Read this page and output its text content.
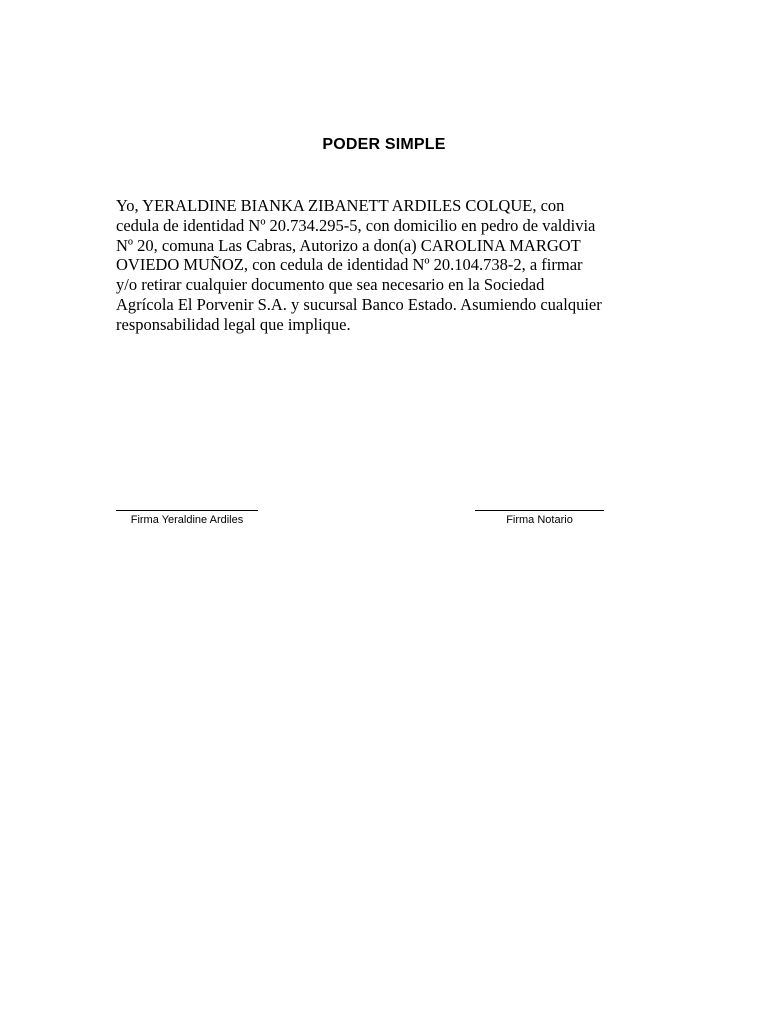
PODER SIMPLE
Yo, YERALDINE BIANKA ZIBANETT ARDILES COLQUE, con
cedula de identidad Nº 20.734.295-5, con domicilio en pedro de valdivia
Nº 20, comuna Las Cabras, Autorizo a don(a) CAROLINA MARGOT
OVIEDO MUÑOZ, con cedula de identidad Nº 20.104.738-2, a firmar
y/o retirar cualquier documento que sea necesario en la Sociedad
Agrícola El Porvenir S.A. y sucursal Banco Estado. Asumiendo cualquier
responsabilidad legal que implique.
Firma Yeraldine Ardiles	Firma Notario
